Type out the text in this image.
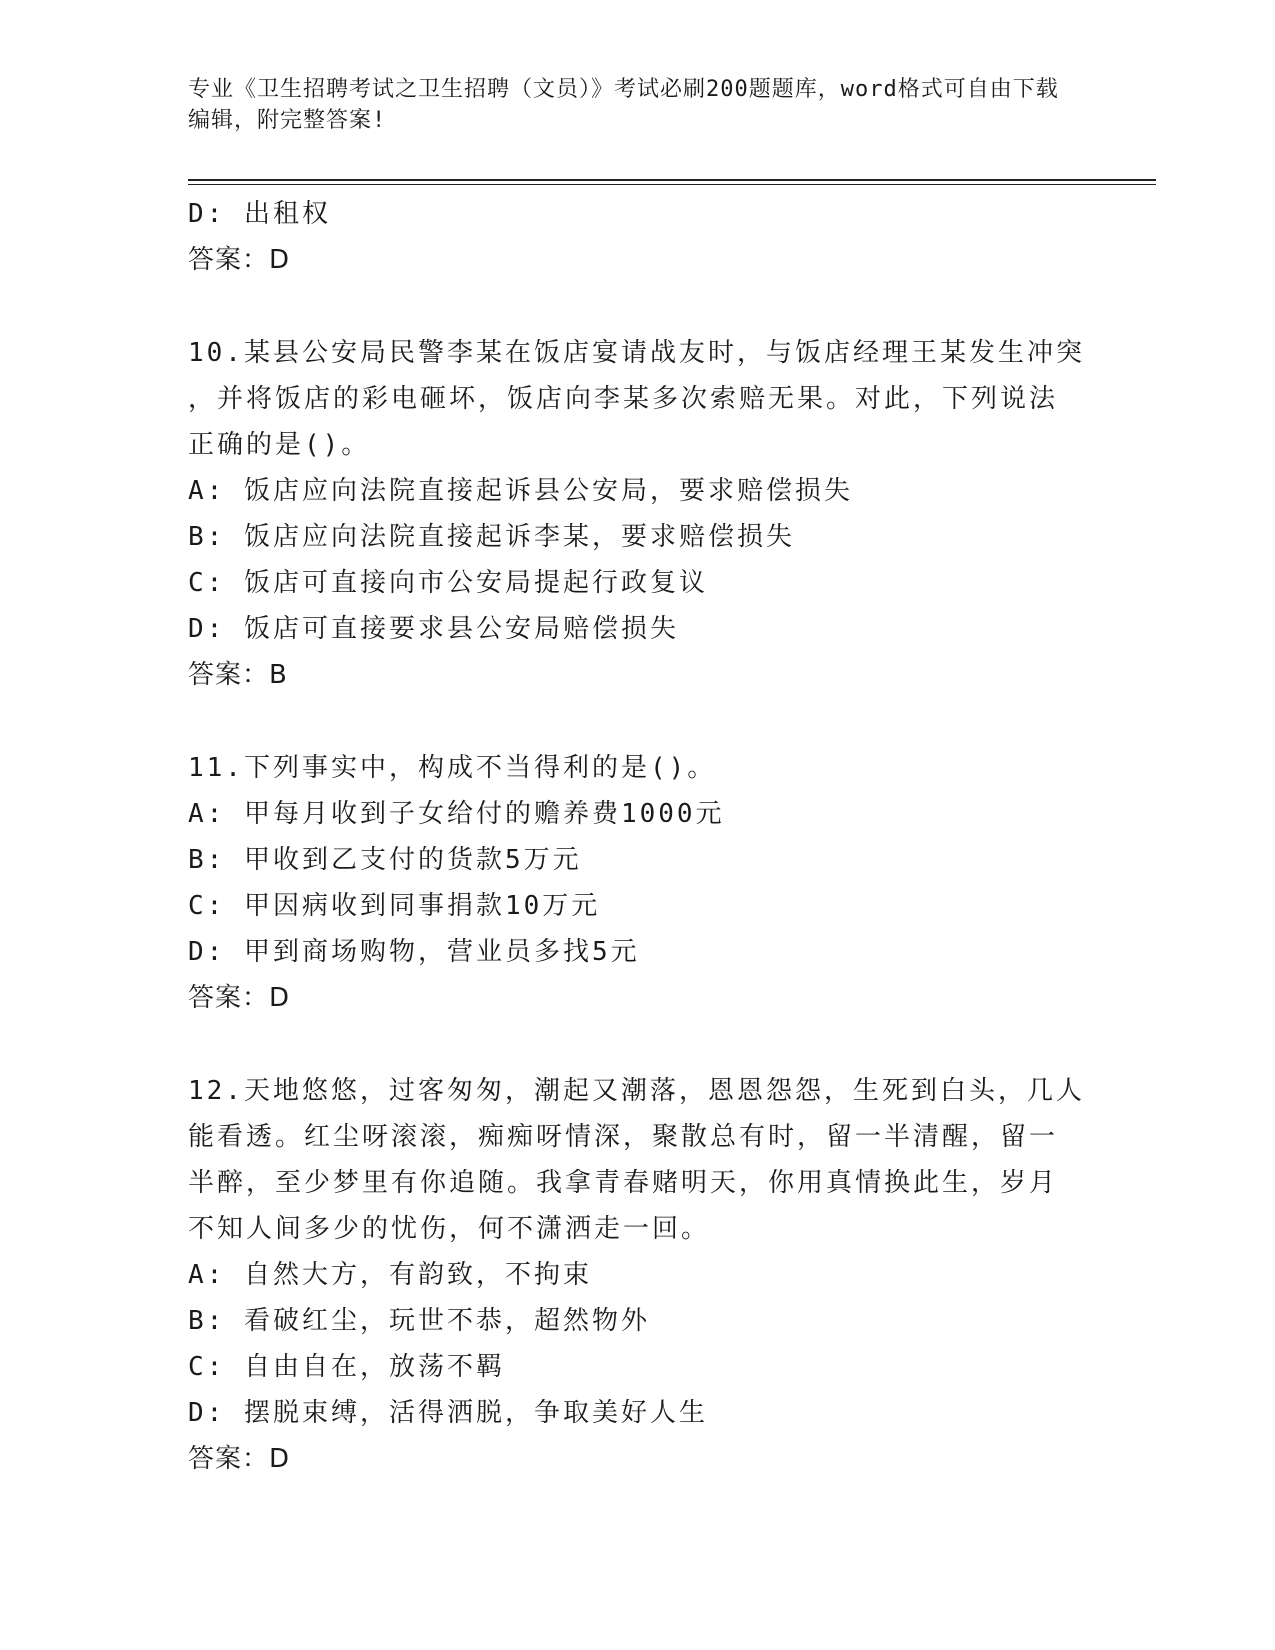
专业《卫生招聘考试之卫生招聘（文员）》考试必刷200题题库，word格式可自由下载编辑，附完整答案!
D: 出租权
答案：D
10.某县公安局民警李某在饭店宴请战友时，与饭店经理王某发生冲突
，并将饭店的彩电砸坏，饭店向李某多次索赔无果。对此，下列说法
正确的是()。
A: 饭店应向法院直接起诉县公安局，要求赔偿损失
B: 饭店应向法院直接起诉李某，要求赔偿损失
C: 饭店可直接向市公安局提起行政复议
D: 饭店可直接要求县公安局赔偿损失
答案：B
11.下列事实中，构成不当得利的是()。
A: 甲每月收到子女给付的赡养费1000元
B: 甲收到乙支付的货款5万元
C: 甲因病收到同事捐款10万元
D: 甲到商场购物，营业员多找5元
答案：D
12.天地悠悠，过客匆匆，潮起又潮落，恩恩怨怨，生死到白头，几人
能看透。红尘呀滚滚，痴痴呀情深，聚散总有时，留一半清醒，留一
半醉，至少梦里有你追随。我拿青春赌明天，你用真情换此生，岁月
不知人间多少的忧伤，何不潇洒走一回。
A: 自然大方，有韵致，不拘束
B: 看破红尘，玩世不恭，超然物外
C: 自由自在，放荡不羁
D: 摆脱束缚，活得洒脱，争取美好人生
答案：D
